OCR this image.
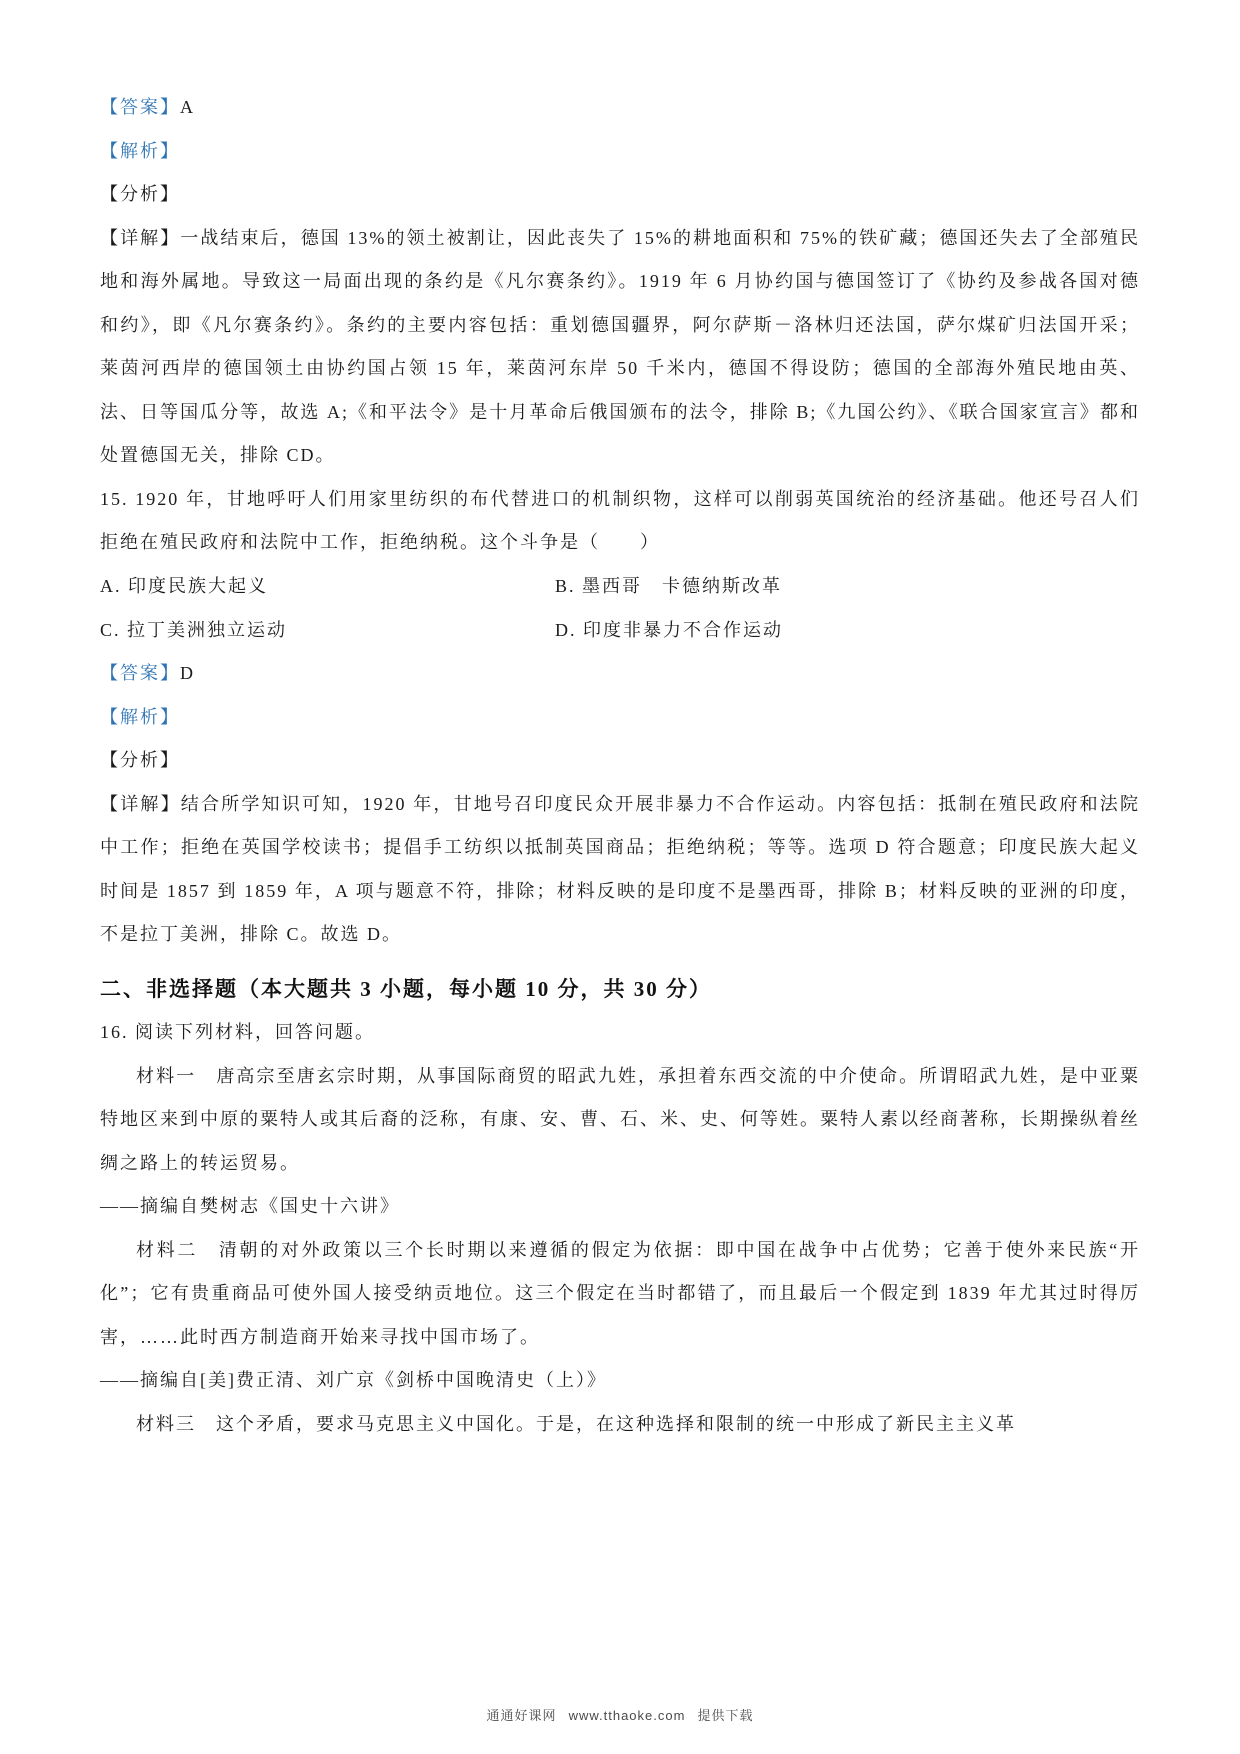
【答案】A

【解析】

【分析】

【详解】一战结束后，德国 13%的领土被割让，因此丧失了 15%的耕地面积和 75%的铁矿藏；德国还失去了全部殖民地和海外属地。导致这一局面出现的条约是《凡尔赛条约》。1919 年 6 月协约国与德国签订了《协约及参战各国对德和约》，即《凡尔赛条约》。条约的主要内容包括：重划德国疆界，阿尔萨斯－洛林归还法国，萨尔煤矿归法国开采；莱茵河西岸的德国领土由协约国占领 15 年，莱茵河东岸 50 千米内，德国不得设防；德国的全部海外殖民地由英、法、日等国瓜分等，故选 A;《和平法令》是十月革命后俄国颁布的法令，排除 B;《九国公约》、《联合国家宣言》都和处置德国无关，排除 CD。
15. 1920 年，甘地呼吁人们用家里纺织的布代替进口的机制织物，这样可以削弱英国统治的经济基础。他还号召人们拒绝在殖民政府和法院中工作，拒绝纳税。这个斗争是（　　）
A. 印度民族大起义	B. 墨西哥　卡德纳斯改革
C. 拉丁美洲独立运动	D. 印度非暴力不合作运动

【答案】D

【解析】

【分析】

【详解】结合所学知识可知，1920 年，甘地号召印度民众开展非暴力不合作运动。内容包括：抵制在殖民政府和法院中工作；拒绝在英国学校读书；提倡手工纺织以抵制英国商品；拒绝纳税；等等。选项 D 符合题意；印度民族大起义时间是 1857 到 1859 年，A 项与题意不符，排除；材料反映的是印度不是墨西哥，排除 B；材料反映的亚洲的印度，不是拉丁美洲，排除 C。故选 D。
二、非选择题（本大题共 3 小题，每小题 10 分，共 30 分）
16. 阅读下列材料，回答问题。
材料一　唐高宗至唐玄宗时期，从事国际商贸的昭武九姓，承担着东西交流的中介使命。所谓昭武九姓，是中亚粟特地区来到中原的粟特人或其后裔的泛称，有康、安、曹、石、米、史、何等姓。粟特人素以经商著称，长期操纵着丝绸之路上的转运贸易。
——摘编自樊树志《国史十六讲》
材料二　清朝的对外政策以三个长时期以来遵循的假定为依据：即中国在战争中占优势；它善于使外来民族“开化”；它有贵重商品可使外国人接受纳贡地位。这三个假定在当时都错了，而且最后一个假定到 1839 年尤其过时得厉害，……此时西方制造商开始来寻找中国市场了。
——摘编自[美]费正清、刘广京《剑桥中国晚清史（上）》
材料三　这个矛盾，要求马克思主义中国化。于是，在这种选择和限制的统一中形成了新民主主义革
通通好课网 www.tthaoke.com 提供下载
